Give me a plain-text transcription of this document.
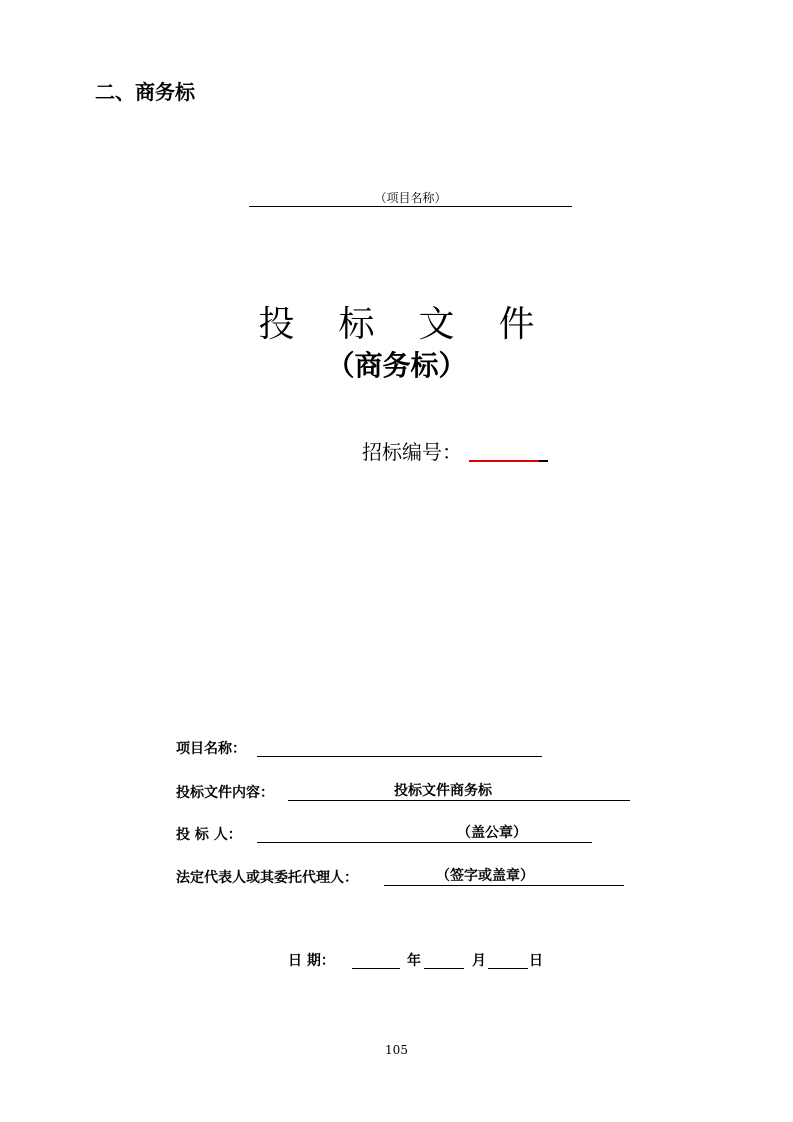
二、商务标
（项目名称）
投标文件
（商务标）
招标编号：
项目名称：
投标文件内容：	投标文件商务标
投 标 人：	（盖公章）
法定代表人或其委托代理人：	（签字或盖章）
日 期：	年	月	日
105
